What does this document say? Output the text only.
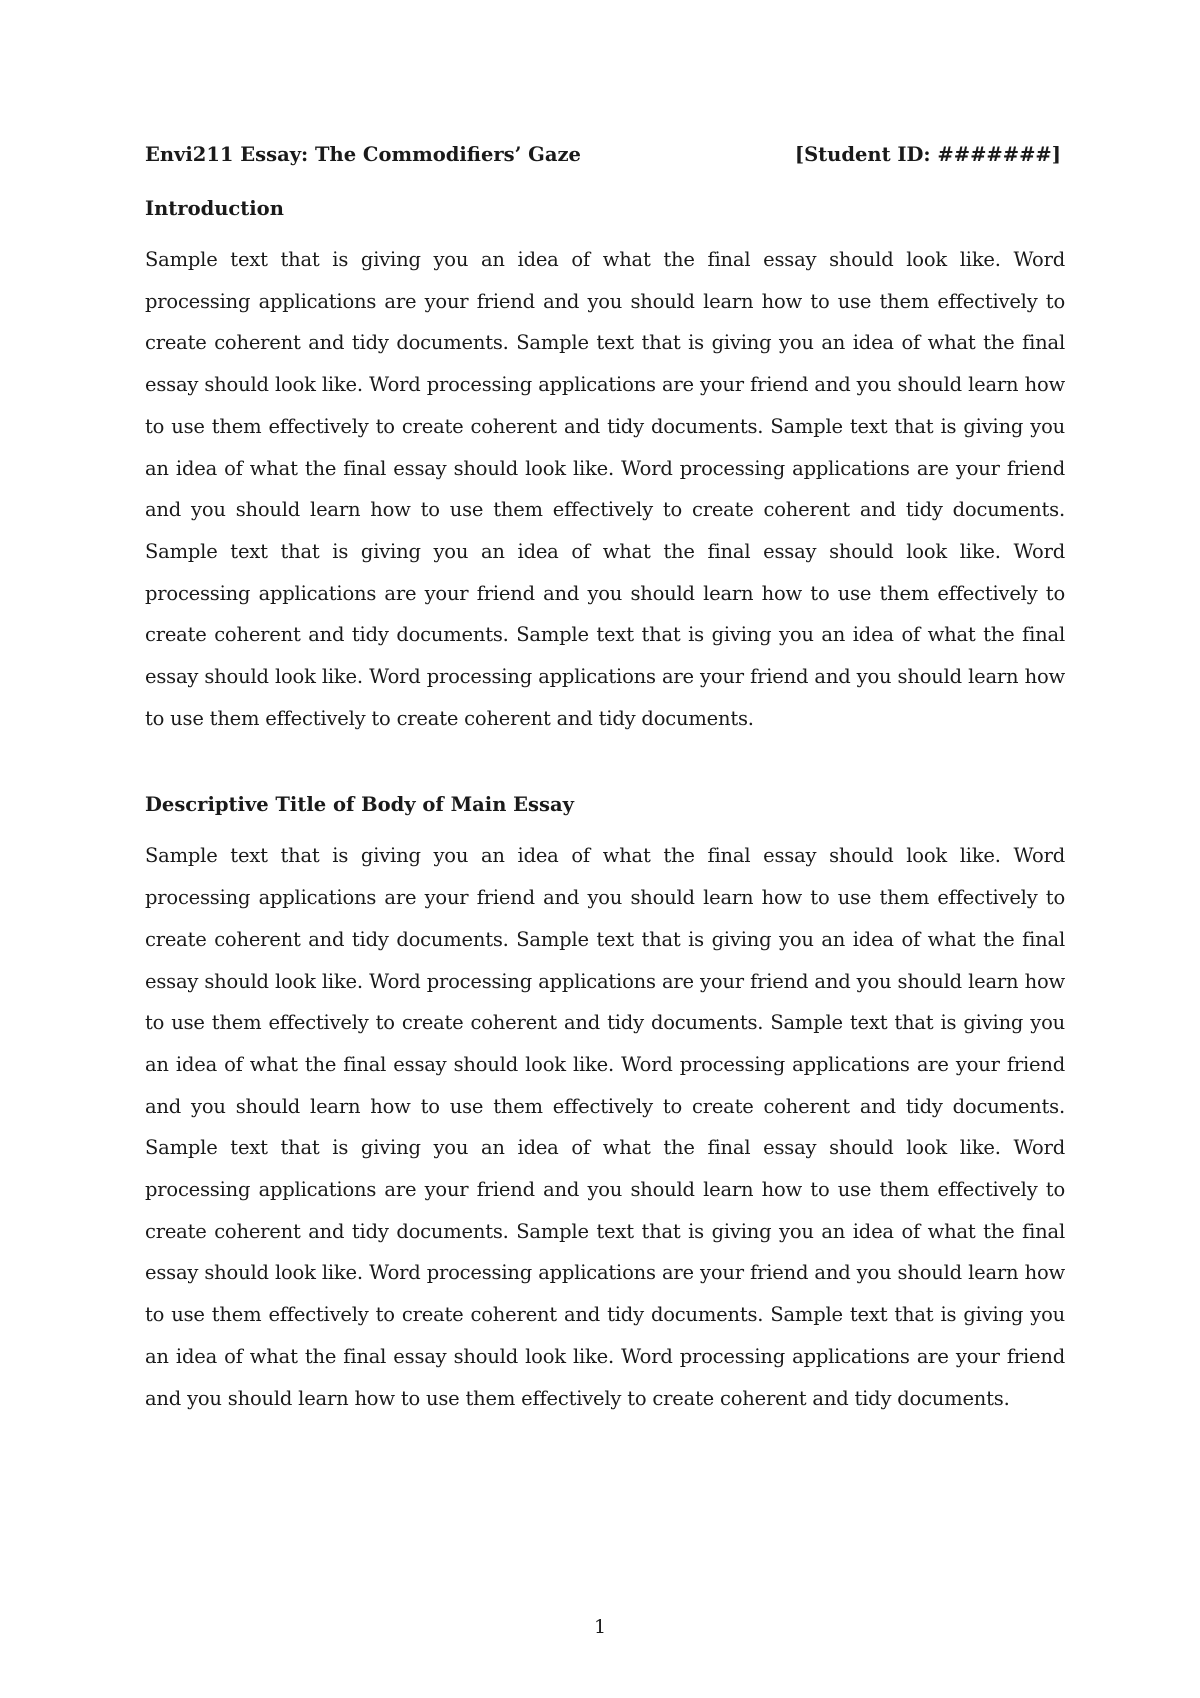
Envi211 Essay: The Commodifiers’ Gaze	[Student ID: #######]
Introduction

Sample text that is giving you an idea of what the final essay should look like. Word processing applications are your friend and you should learn how to use them effectively to create coherent and tidy documents. Sample text that is giving you an idea of what the final essay should look like. Word processing applications are your friend and you should learn how to use them effectively to create coherent and tidy documents. Sample text that is giving you an idea of what the final essay should look like. Word processing applications are your friend and you should learn how to use them effectively to create coherent and tidy documents. Sample text that is giving you an idea of what the final essay should look like. Word processing applications are your friend and you should learn how to use them effectively to create coherent and tidy documents. Sample text that is giving you an idea of what the final essay should look like. Word processing applications are your friend and you should learn how to use them effectively to create coherent and tidy documents.

Descriptive Title of Body of Main Essay

Sample text that is giving you an idea of what the final essay should look like. Word processing applications are your friend and you should learn how to use them effectively to create coherent and tidy documents. Sample text that is giving you an idea of what the final essay should look like. Word processing applications are your friend and you should learn how to use them effectively to create coherent and tidy documents. Sample text that is giving you an idea of what the final essay should look like. Word processing applications are your friend and you should learn how to use them effectively to create coherent and tidy documents. Sample text that is giving you an idea of what the final essay should look like. Word processing applications are your friend and you should learn how to use them effectively to create coherent and tidy documents. Sample text that is giving you an idea of what the final essay should look like. Word processing applications are your friend and you should learn how to use them effectively to create coherent and tidy documents. Sample text that is giving you an idea of what the final essay should look like. Word processing applications are your friend and you should learn how to use them effectively to create coherent and tidy documents.

1
